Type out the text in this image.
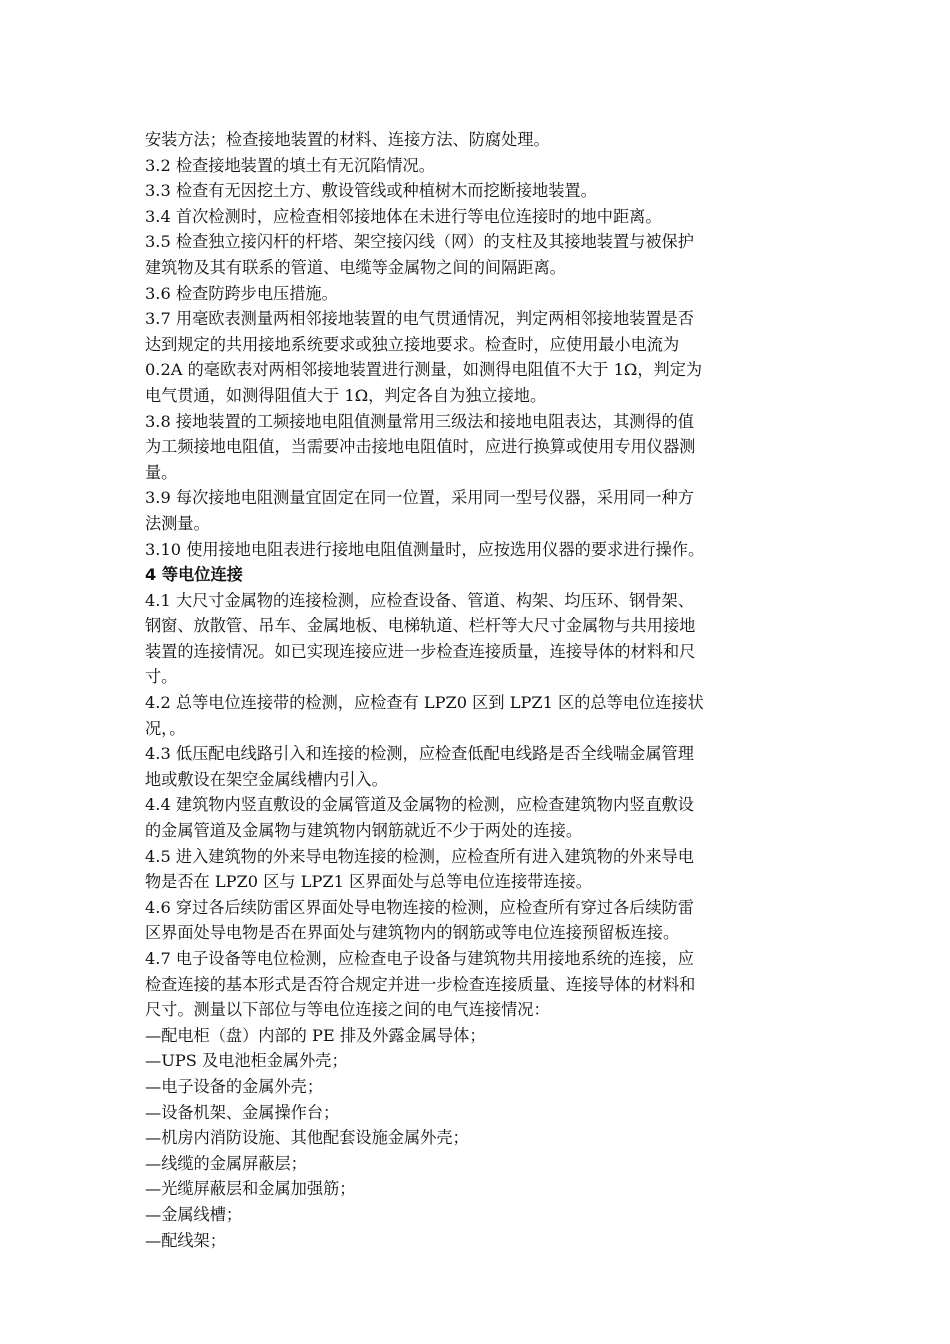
安装方法；检查接地装置的材料、连接方法、防腐处理。
3.2 检查接地装置的填土有无沉陷情况。
3.3 检查有无因挖土方、敷设管线或种植树木而挖断接地装置。
3.4 首次检测时，应检查相邻接地体在未进行等电位连接时的地中距离。
3.5 检查独立接闪杆的杆塔、架空接闪线（网）的支柱及其接地装置与被保护
建筑物及其有联系的管道、电缆等金属物之间的间隔距离。
3.6 检查防跨步电压措施。
3.7 用毫欧表测量两相邻接地装置的电气贯通情况，判定两相邻接地装置是否
达到规定的共用接地系统要求或独立接地要求。检查时，应使用最小电流为
0.2A 的毫欧表对两相邻接地装置进行测量，如测得电阻值不大于 1Ω，判定为
电气贯通，如测得阻值大于 1Ω，判定各自为独立接地。
3.8 接地装置的工频接地电阻值测量常用三级法和接地电阻表达，其测得的值
为工频接地电阻值，当需要冲击接地电阻值时，应进行换算或使用专用仪器测
量。
3.9 每次接地电阻测量宜固定在同一位置，采用同一型号仪器，采用同一种方
法测量。
3.10 使用接地电阻表进行接地电阻值测量时，应按选用仪器的要求进行操作。
4 等电位连接
4.1 大尺寸金属物的连接检测，应检查设备、管道、构架、均压环、钢骨架、
钢窗、放散管、吊车、金属地板、电梯轨道、栏杆等大尺寸金属物与共用接地
装置的连接情况。如已实现连接应进一步检查连接质量，连接导体的材料和尺
寸。
4.2 总等电位连接带的检测，应检查有 LPZ0 区到 LPZ1 区的总等电位连接状
况，。
4.3 低压配电线路引入和连接的检测，应检查低配电线路是否全线喘金属管理
地或敷设在架空金属线槽内引入。
4.4 建筑物内竖直敷设的金属管道及金属物的检测，应检查建筑物内竖直敷设
的金属管道及金属物与建筑物内钢筋就近不少于两处的连接。
4.5 进入建筑物的外来导电物连接的检测，应检查所有进入建筑物的外来导电
物是否在 LPZ0 区与 LPZ1 区界面处与总等电位连接带连接。
4.6 穿过各后续防雷区界面处导电物连接的检测，应检查所有穿过各后续防雷
区界面处导电物是否在界面处与建筑物内的钢筋或等电位连接预留板连接。
4.7 电子设备等电位检测，应检查电子设备与建筑物共用接地系统的连接，应
检查连接的基本形式是否符合规定并进一步检查连接质量、连接导体的材料和
尺寸。测量以下部位与等电位连接之间的电气连接情况：
—配电柜（盘）内部的 PE 排及外露金属导体；
—UPS 及电池柜金属外壳；
—电子设备的金属外壳；
—设备机架、金属操作台；
—机房内消防设施、其他配套设施金属外壳；
—线缆的金属屏蔽层；
—光缆屏蔽层和金属加强筋；
—金属线槽；
—配线架；
